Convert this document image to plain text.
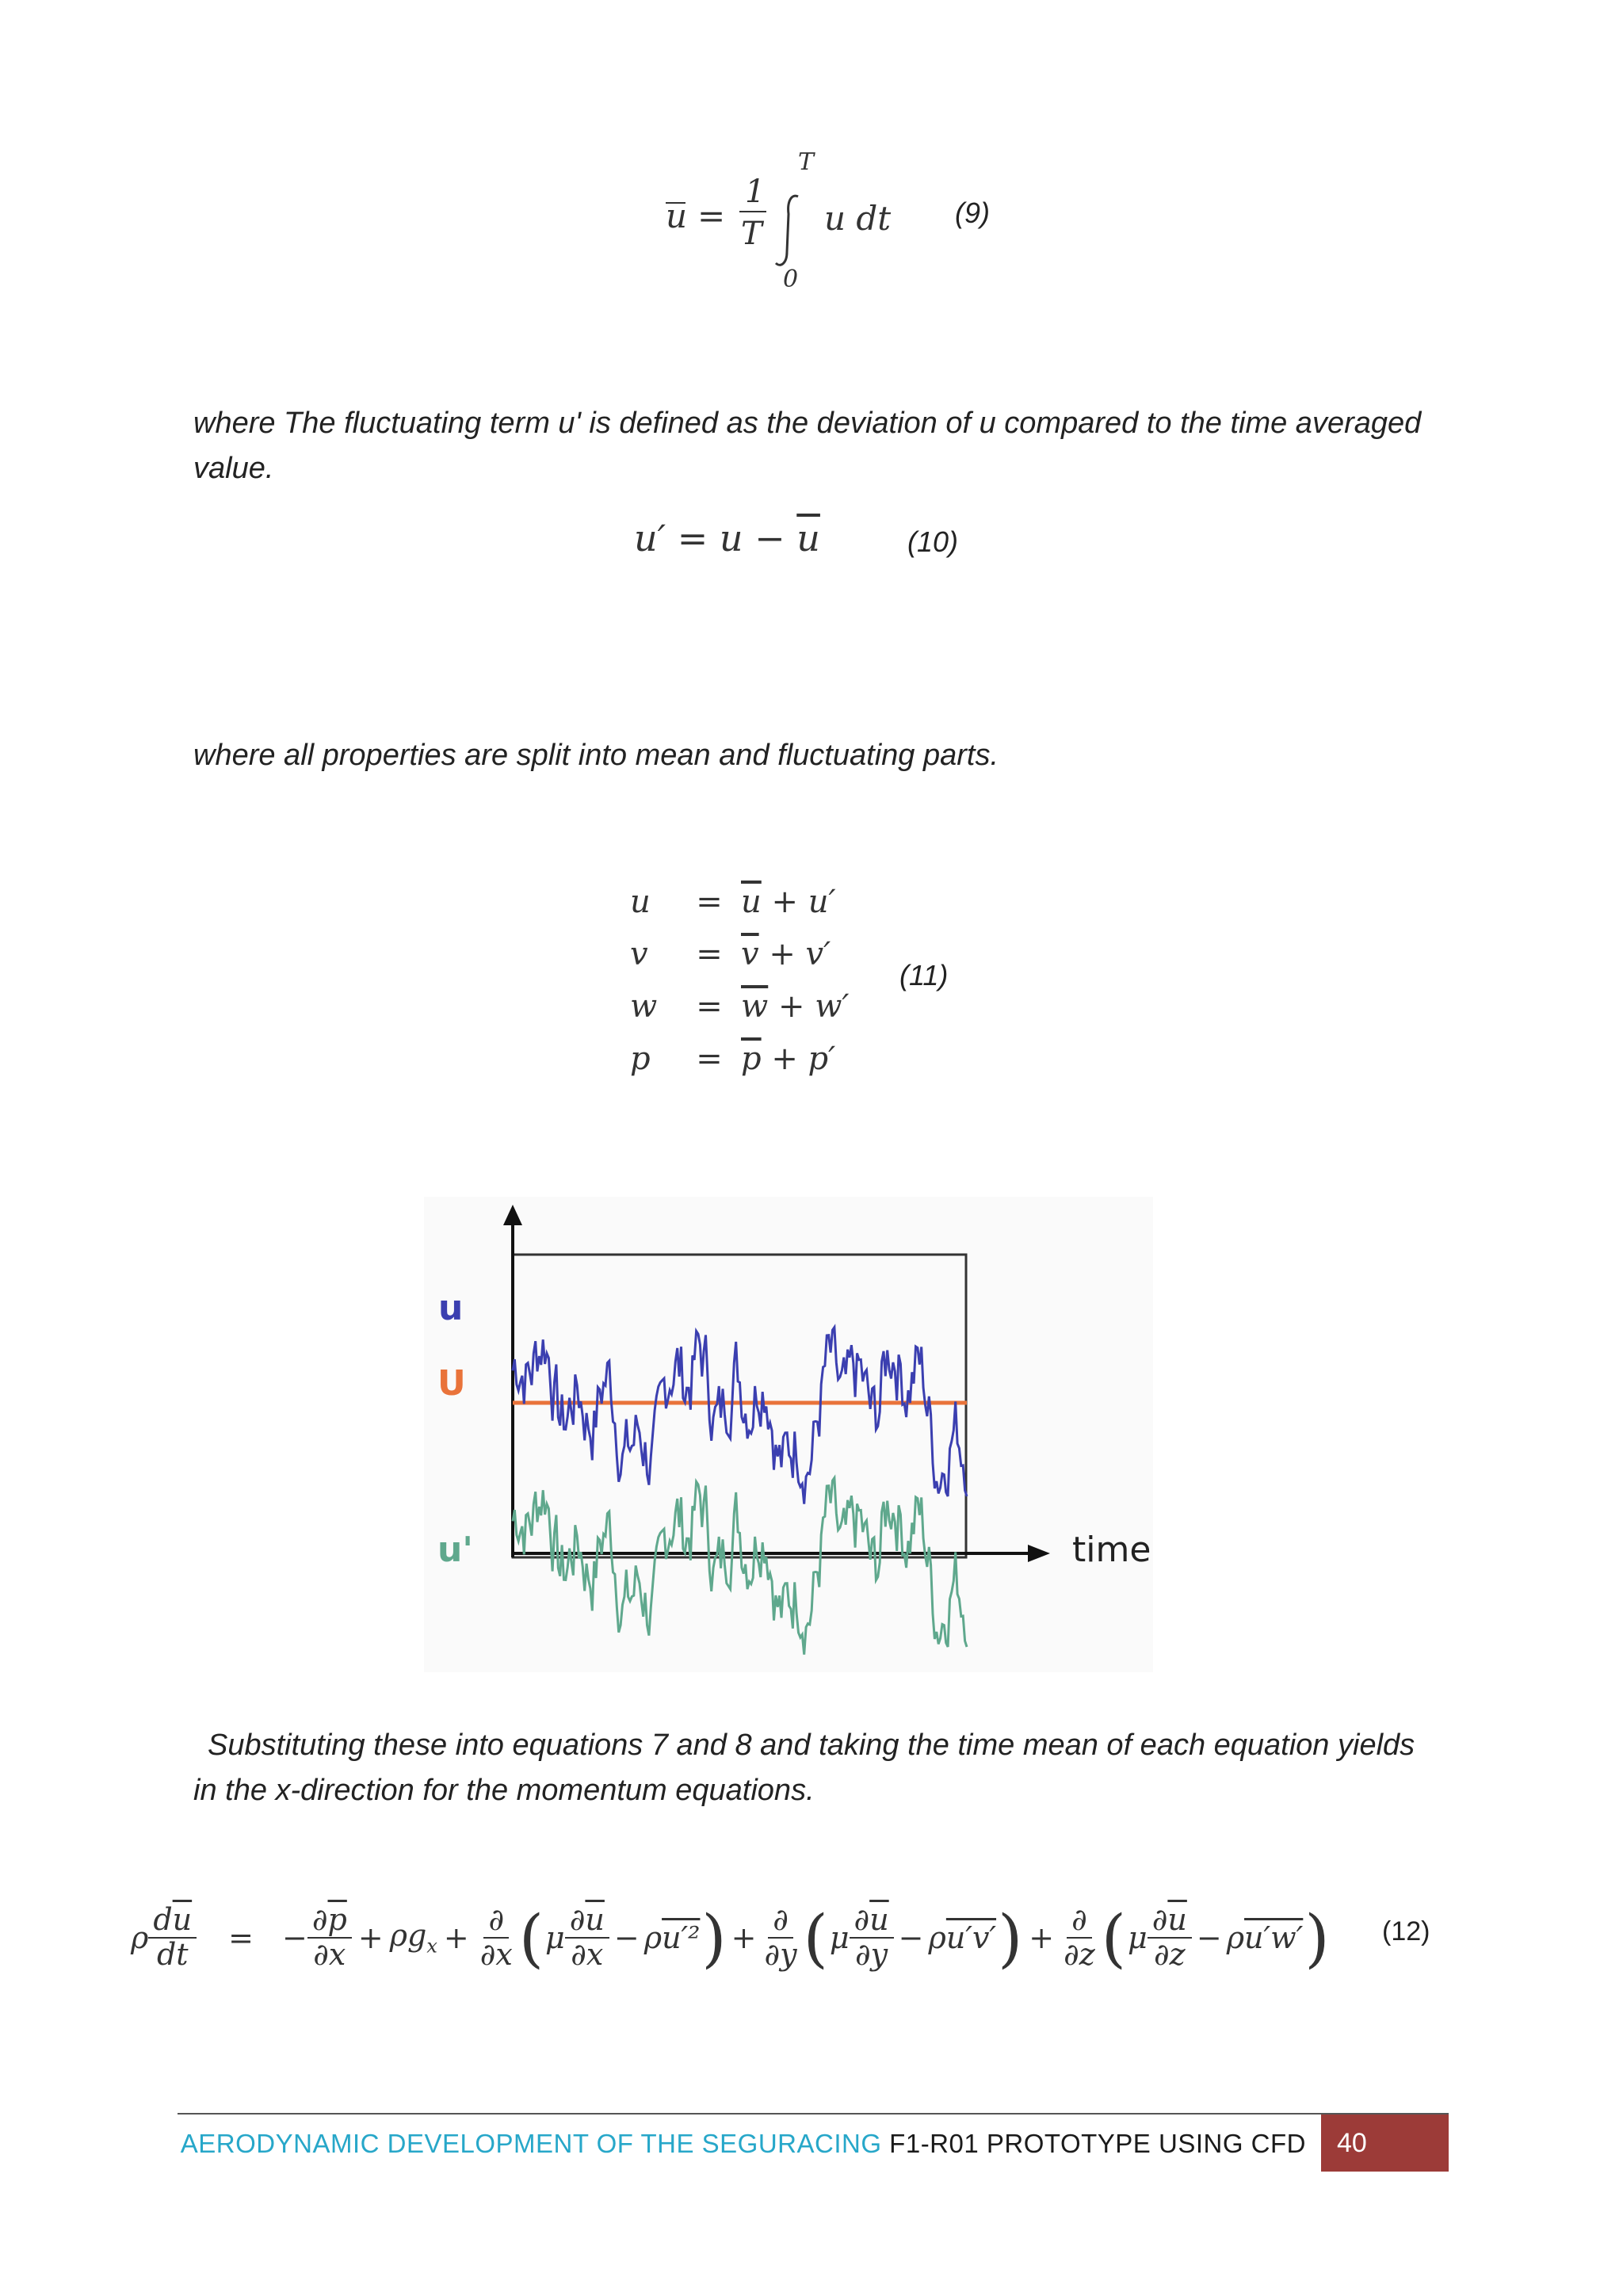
u =
1
T
T
0
u dt (9)
where The fluctuating term u' is defined as the deviation of u compared to the time averaged value.
$u' = u - \overline{u}$	(10)
where all properties are split into mean and fluctuating parts.
$u = \overline{u} + u'$
$v = \overline{v} + v'$
$w = \overline{w} + w'$
$p = \overline{p} + p'$
(11)
u
U
u'	time
Substituting these into equations 7 and 8 and taking the time mean of each equation yields in the x-direction for the momentum equations.
ρ $\frac{d\overline{u}}{dt}$ = − $\frac{\partial\overline{p}}{\partial x} + \rho g_x + \frac{\partial}{\partial x}$ ( μ $\frac{\partial\overline{u}}{\partial x} - \rho u'^2$ ) + $\frac{\partial}{\partial y}$ ( μ $\frac{\partial\overline{u}}{\partial y} - \rho u'v'$ ) + $\frac{\partial}{\partial z}$ ( μ $\frac{\partial\overline{u}}{\partial z} - \rho u'w'$ ) (12)
AERODYNAMIC DEVELOPMENT OF THE SEGURACING F1-R01 PROTOTYPE USING CFD	40
